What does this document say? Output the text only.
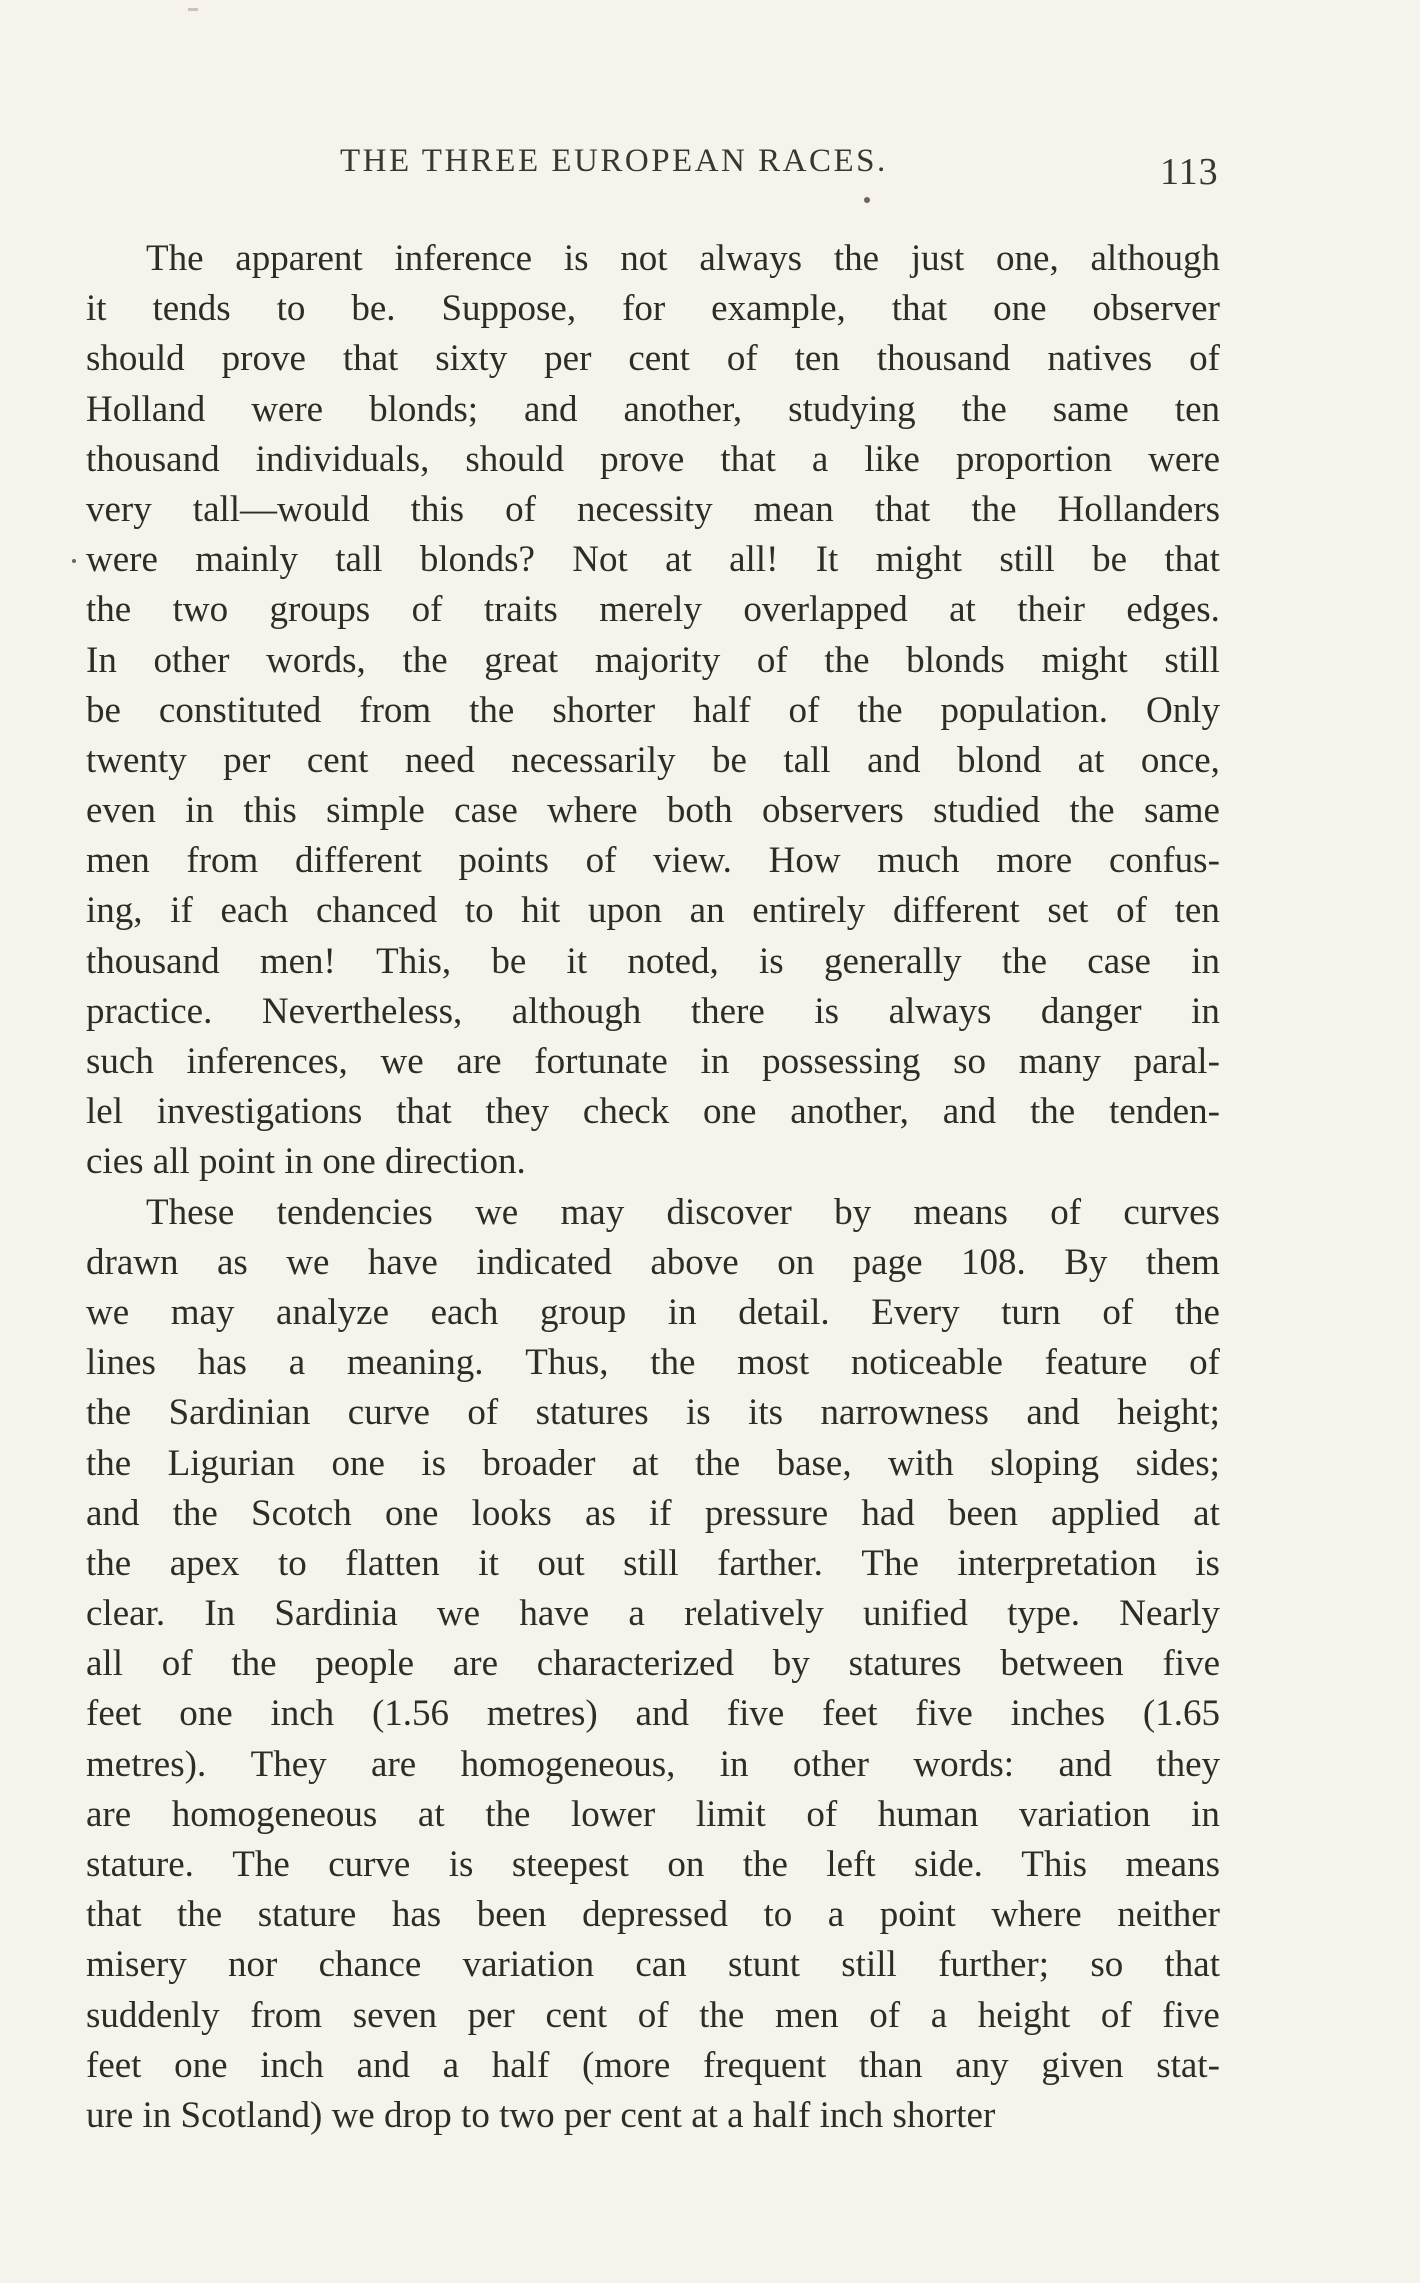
THE THREE EUROPEAN RACES.	113
The apparent inference is not always the just one, although
it tends to be. Suppose, for example, that one observer
should prove that sixty per cent of ten thousand natives of
Holland were blonds; and another, studying the same ten
thousand individuals, should prove that a like proportion were
very tall—would this of necessity mean that the Hollanders
were mainly tall blonds? Not at all! It might still be that
the two groups of traits merely overlapped at their edges.
In other words, the great majority of the blonds might still
be constituted from the shorter half of the population. Only
twenty per cent need necessarily be tall and blond at once,
even in this simple case where both observers studied the same
men from different points of view. How much more confus-
ing, if each chanced to hit upon an entirely different set of ten
thousand men! This, be it noted, is generally the case in
practice. Nevertheless, although there is always danger in
such inferences, we are fortunate in possessing so many paral-
lel investigations that they check one another, and the tenden-
cies all point in one direction.
These tendencies we may discover by means of curves
drawn as we have indicated above on page 108. By them
we may analyze each group in detail. Every turn of the
lines has a meaning. Thus, the most noticeable feature of
the Sardinian curve of statures is its narrowness and height;
the Ligurian one is broader at the base, with sloping sides;
and the Scotch one looks as if pressure had been applied at
the apex to flatten it out still farther. The interpretation is
clear. In Sardinia we have a relatively unified type. Nearly
all of the people are characterized by statures between five
feet one inch (1.56 metres) and five feet five inches (1.65
metres). They are homogeneous, in other words: and they
are homogeneous at the lower limit of human variation in
stature. The curve is steepest on the left side. This means
that the stature has been depressed to a point where neither
misery nor chance variation can stunt still further; so that
suddenly from seven per cent of the men of a height of five
feet one inch and a half (more frequent than any given stat-
ure in Scotland) we drop to two per cent at a half inch shorter
